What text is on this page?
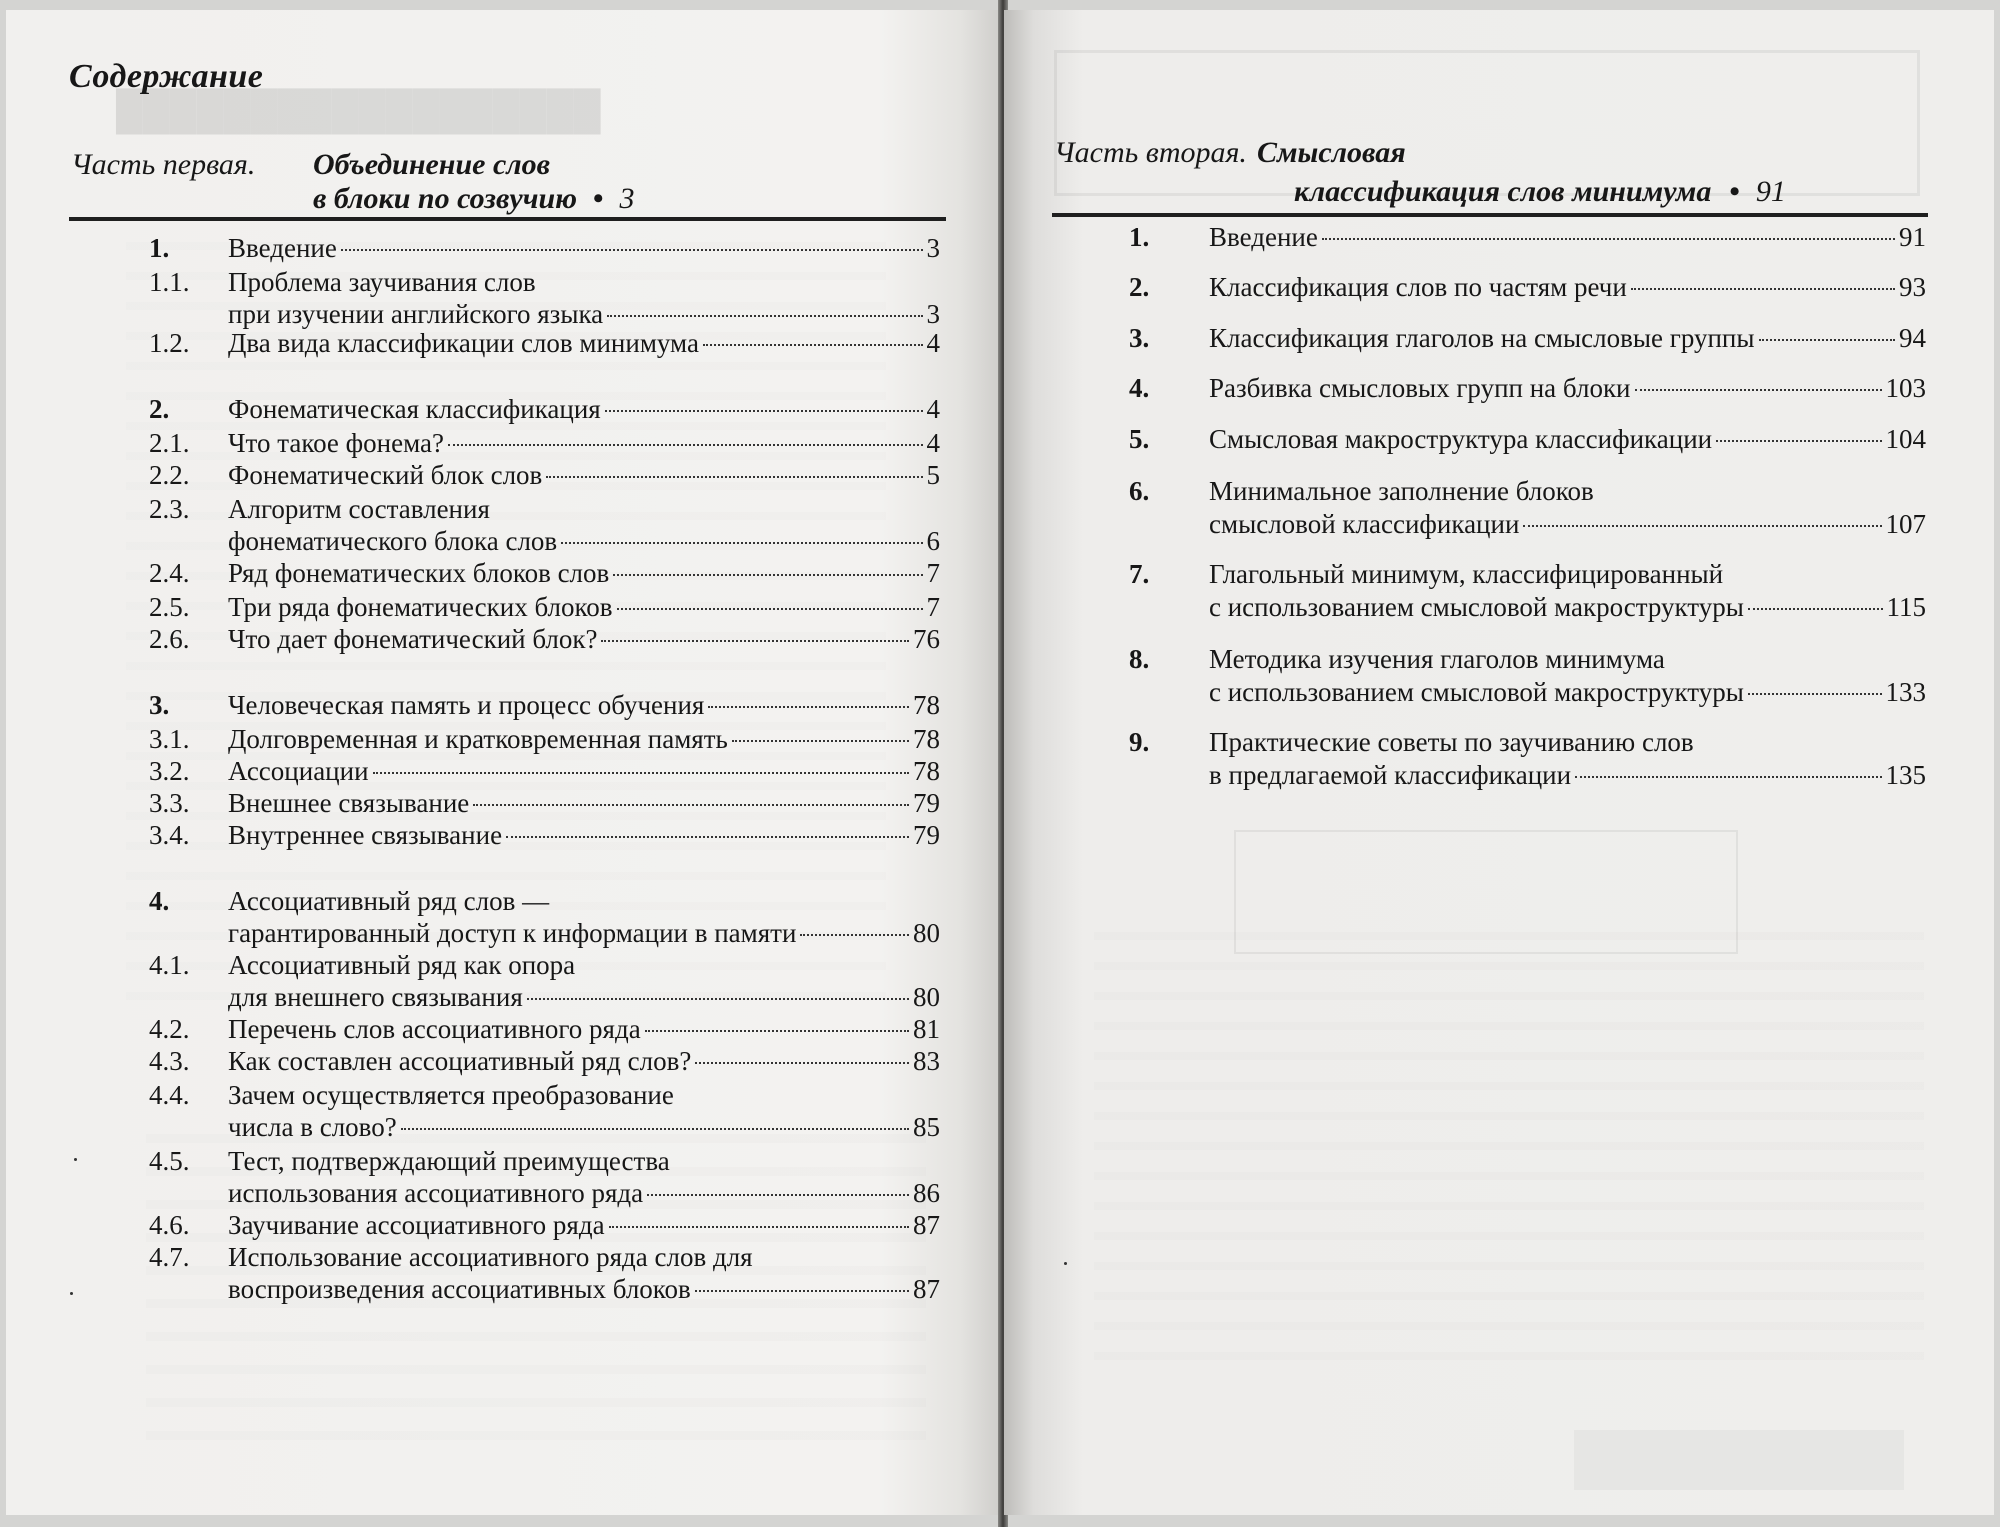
██████████████████
Содержание
Часть первая. Объединение слов
в блоки по созвучию • 3
1. Введение	3
1.1. Проблема заучивания слов
при изучении английского языка	3
1.2. Два вида классификации слов минимума	4
2. Фонематическая классификация	4
2.1. Что такое фонема?	4
2.2. Фонематический блок слов	5
2.3. Алгоритм составления
фонематического блока слов	6
2.4. Ряд фонематических блоков слов	7
2.5. Три ряда фонематических блоков	7
2.6. Что дает фонематический блок?	76
3. Человеческая память и процесс обучения	78
3.1. Долговременная и кратковременная память	78
3.2. Ассоциации	78
3.3. Внешнее связывание	79
3.4. Внутреннее связывание	79
4. Ассоциативный ряд слов —
гарантированный доступ к информации в памяти	80
4.1. Ассоциативный ряд как опора
для внешнего связывания	80
4.2. Перечень слов ассоциативного ряда	81
4.3. Как составлен ассоциативный ряд слов?	83
4.4. Зачем осуществляется преобразование
числа в слово?	85
4.5. Тест, подтверждающий преимущества
использования ассоциативного ряда	86
4.6. Заучивание ассоциативного ряда	87
4.7. Использование ассоциативного ряда слов для
воспроизведения ассоциативных блоков	87
Часть вторая. Смысловая
классификация слов минимума • 91
1. Введение	91
2. Классификация слов по частям речи	93
3. Классификация глаголов на смысловые группы	94
4. Разбивка смысловых групп на блоки	103
5. Смысловая макроструктура классификации	104
6. Минимальное заполнение блоков
смысловой классификации	107
7. Глагольный минимум, классифицированный
с использованием смысловой макроструктуры	115
8. Методика изучения глаголов минимума
с использованием смысловой макроструктуры	133
9. Практические советы по заучиванию слов
в предлагаемой классификации	135
